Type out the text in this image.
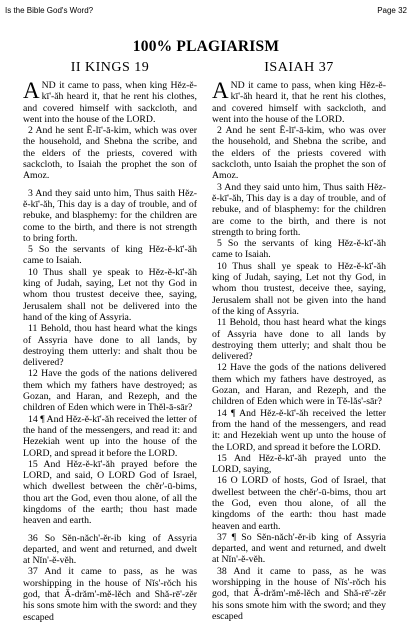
Is the Bible God's Word?	Page 32
100% PLAGIARISM
II KINGS 19

AND it came to pass, when king Hĕz-ĕ-kī'-ăh heard it, that he rent his clothes, and covered himself with sackcloth, and went into the house of the LORD.

2 And he sent Ē-lī'-ā-kim, which was over the household, and Shebna the scribe, and the elders of the priests, covered with sackcloth, to Isaiah the prophet the son of Amoz.

3 And they said unto him, Thus saith Hĕz-ĕ-kī'-ăh, This day is a day of trouble, and of rebuke, and blasphemy: for the children are come to the birth, and there is not strength to bring forth.

5 So the servants of king Hĕz-ĕ-kī'-ăh came to Isaiah.

10 Thus shall ye speak to Hĕz-ĕ-kī'-ăh king of Judah, saying, Let not thy God in whom thou trustest deceive thee, saying, Jerusalem shall not be delivered into the hand of the king of Assyria.

11 Behold, thou hast heard what the kings of Assyria have done to all lands, by destroying them utterly: and shalt thou be delivered?

12 Have the gods of the nations delivered them which my fathers have destroyed; as Gozan, and Haran, and Rezeph, and the children of Eden which were in Thĕl-ā-sār?

14 ¶ And Hĕz-ĕ-kī'-ăh received the letter of the hand of the messengers, and read it: and Hezekiah went up into the house of the LORD, and spread it before the LORD.

15 And Hĕz-ĕ-kī'-ăh prayed before the LORD, and said, O LORD God of Israel, which dwellest between the chĕr'-ū-bims, thou art the God, even thou alone, of all the kingdoms of the earth; thou hast made heaven and earth.

36 So Sĕn-năch'-ĕr-ib king of Assyria departed, and went and returned, and dwelt at Nĭn'-ĕ-vĕh.

37 And it came to pass, as he was worshipping in the house of Nĭs'-rŏch his god, that Ā-drăm'-mĕ-lĕch and Shă-rē'-zĕr his sons smote him with the sword: and they escaped

ISAIAH 37

AND it came to pass, when king Hĕz-ĕ-kī'-ăh heard it, that he rent his clothes, and covered himself with sackcloth, and went into the house of the LORD.

2 And he sent Ē-lī'-ā-kim, who was over the household, and Shebna the scribe, and the elders of the priests covered with sackcloth, unto Isaiah the prophet the son of Amoz.

3 And they said unto him, Thus saith Hĕz-ĕ-kī'-ăh, This day is a day of trouble, and of rebuke, and of blasphemy: for the children are come to the birth, and there is not strength to bring forth.

5 So the servants of king Hĕz-ĕ-kī'-ăh came to Isaiah.

10 Thus shall ye speak to Hĕz-ĕ-kī'-ăh king of Judah, saying, Let not thy God, in whom thou trustest, deceive thee, saying, Jerusalem shall not be given into the hand of the king of Assyria.

11 Behold, thou hast heard what the kings of Assyria have done to all lands by destroying them utterly; and shalt thou be delivered?

12 Have the gods of the nations delivered them which my fathers have destroyed, as Gozan, and Haran, and Rezeph, and the children of Eden which were in Tĕ-lăs'-sār?

14 ¶ And Hĕz-ĕ-kī'-ăh received the letter from the hand of the messengers, and read it: and Hezekiah went up unto the house of the LORD, and spread it before the LORD.

15 And Hĕz-ĕ-kī'-ăh prayed unto the LORD, saying,

16 O LORD of hosts, God of Israel, that dwellest between the chĕr'-ū-bims, thou art the God, even thou alone, of all the kingdoms of the earth: thou hast made heaven and earth.

37 ¶ So Sĕn-năch'-ĕr-ib king of Assyria departed, and went and returned, and dwelt at Nĭn'-ĕ-vĕh.

38 And it came to pass, as he was worshipping in the house of Nĭs'-rŏch his god, that Ā-drăm'-mĕ-lĕch and Shă-rē'-zĕr his sons smote him with the sword; and they escaped
